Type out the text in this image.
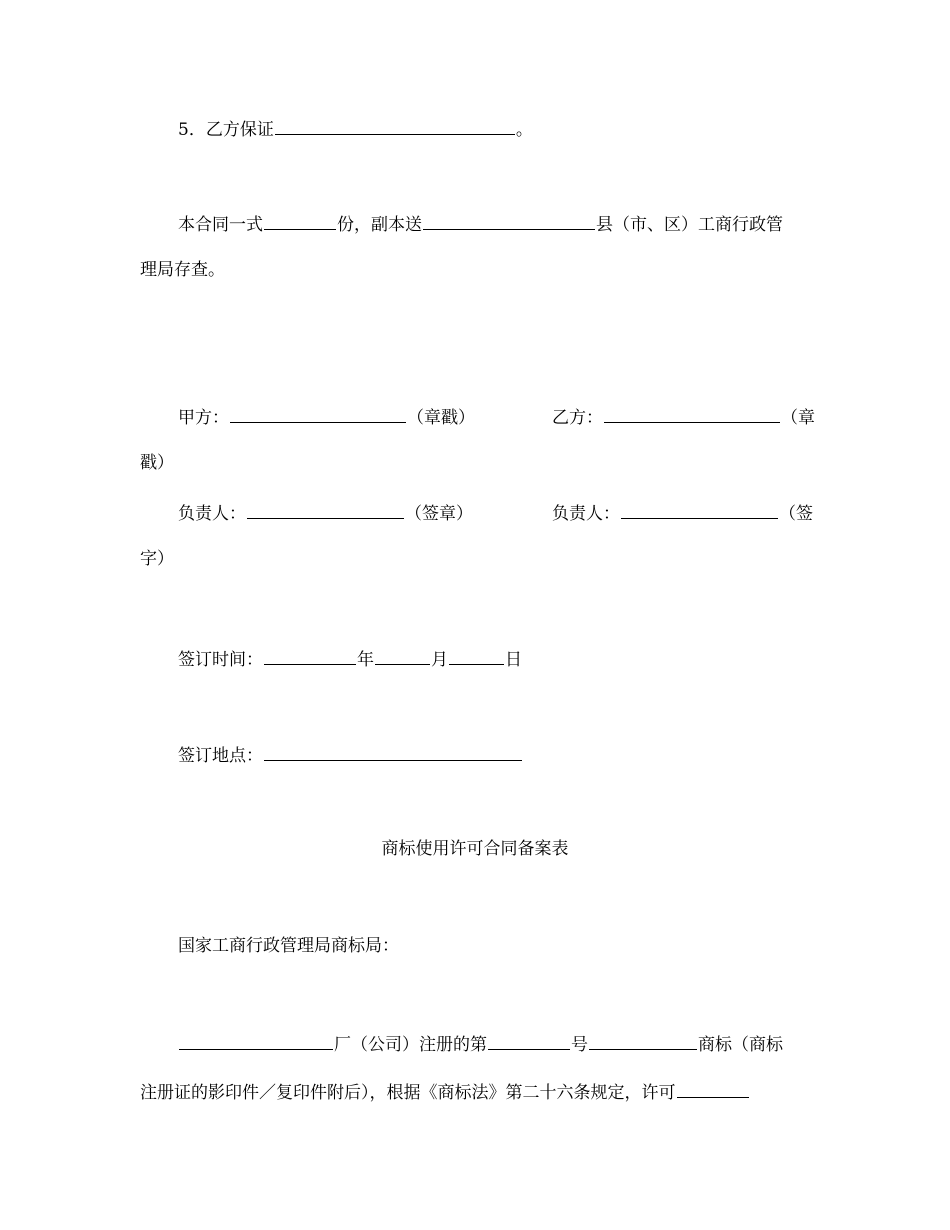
5．乙方保证	。
本合同一式	份，副本送	县（市、区）工商行政管
理局存查。
甲方：	（章戳）	乙方：	（章
戳）
负责人：	（签章）	负责人：	（签
字）
签订时间：	年	月	日
签订地点：
商标使用许可合同备案表
国家工商行政管理局商标局：
厂（公司）注册的第	号	商标（商标
注册证的影印件／复印件附后），根据《商标法》第二十六条规定，许可
